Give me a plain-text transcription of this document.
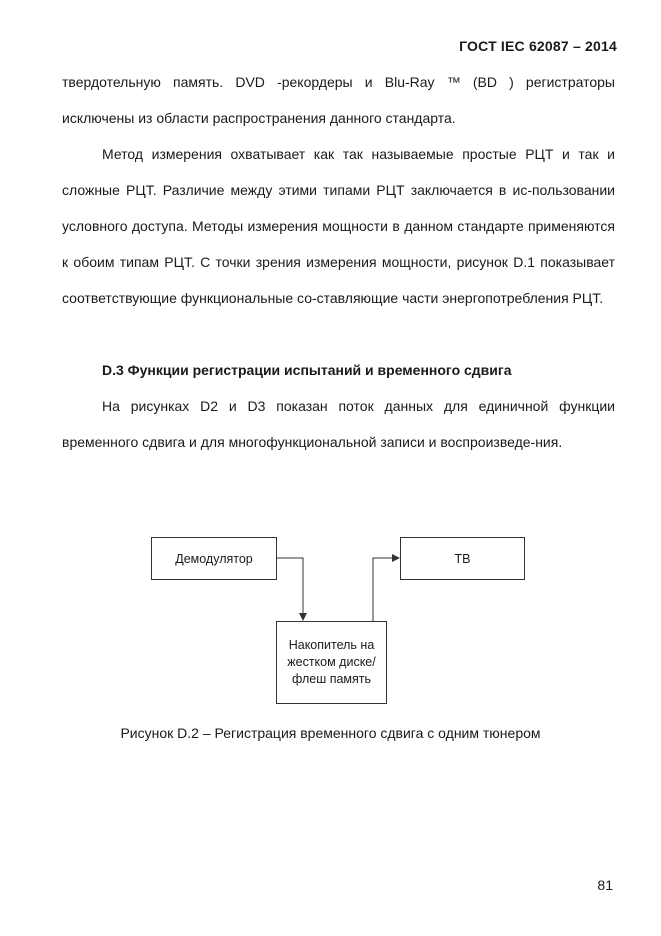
ГОСТ IEC 62087 – 2014

твердотельную память. DVD -рекордеры и Blu-Ray ™ (BD ) регистраторы исключены из области распространения данного стандарта.

Метод измерения охватывает как так называемые простые РЦТ и так и сложные РЦТ. Различие между этими типами РЦТ заключается в ис-пользовании условного доступа. Методы измерения мощности в данном стандарте применяются к обоим типам РЦТ. С точки зрения измерения мощности, рисунок D.1 показывает соответствующие функциональные со-ставляющие части энергопотребления РЦТ.

D.3 Функции регистрации испытаний и временного сдвига

На рисунках D2 и D3 показан поток данных для единичной функции временного сдвига и для многофункциональной записи и воспроизведе-ния.

Демодулятор	ТВ
Накопитель на
жестком диске/
флеш память
Рисунок D.2 – Регистрация временного сдвига с одним тюнером
81
